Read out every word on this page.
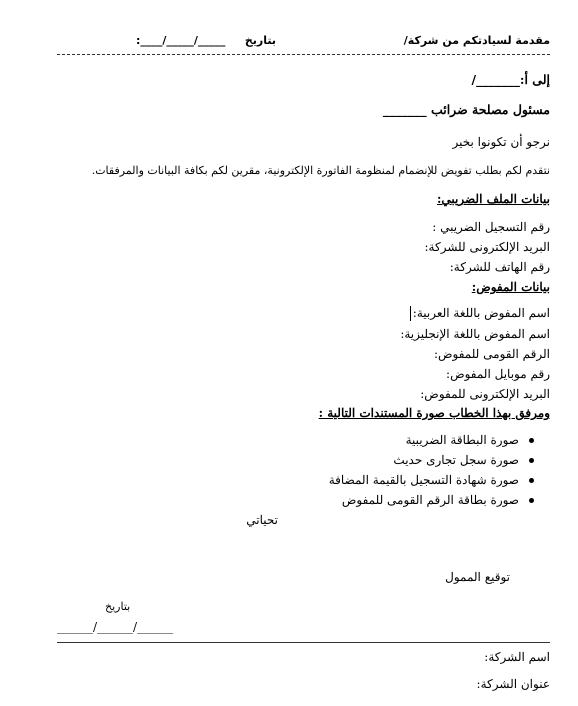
مقدمة لسيادتكم من شركة/
بتاريخ
:____/_____/_____
إلى أ:_______/
مسئول مصلحة ضرائب _______
نرجو أن تكونوا بخير
نتقدم لكم بطلب تفويض للإنضمام لمنظومة الفاتورة الإلكترونية، مقرين لكم بكافة البيانات والمرفقات.
بيانات الملف الضريبي:
رقم التسجيل الضريبي :
البريد الإلكترونى للشركة:
رقم الهاتف للشركة:
بيانات المفوض:
اسم المفوض باللغة العربية:
اسم المفوض باللغة الإنجليزية:
الرقم القومى للمفوض:
رقم موبايل المفوض:
البريد الإلكترونى للمفوض:
ومرفق بهذا الخطاب صورة المستندات التالية :
صورة البطاقة الضريبية
صورة سجل تجارى حديث
صورة شهادة التسجيل بالقيمة المضافة
صورة بطاقة الرقم القومى للمفوض
تحياتي
توقيع الممول
بتاريخ
______/______/______
اسم الشركة:
عنوان الشركة:
